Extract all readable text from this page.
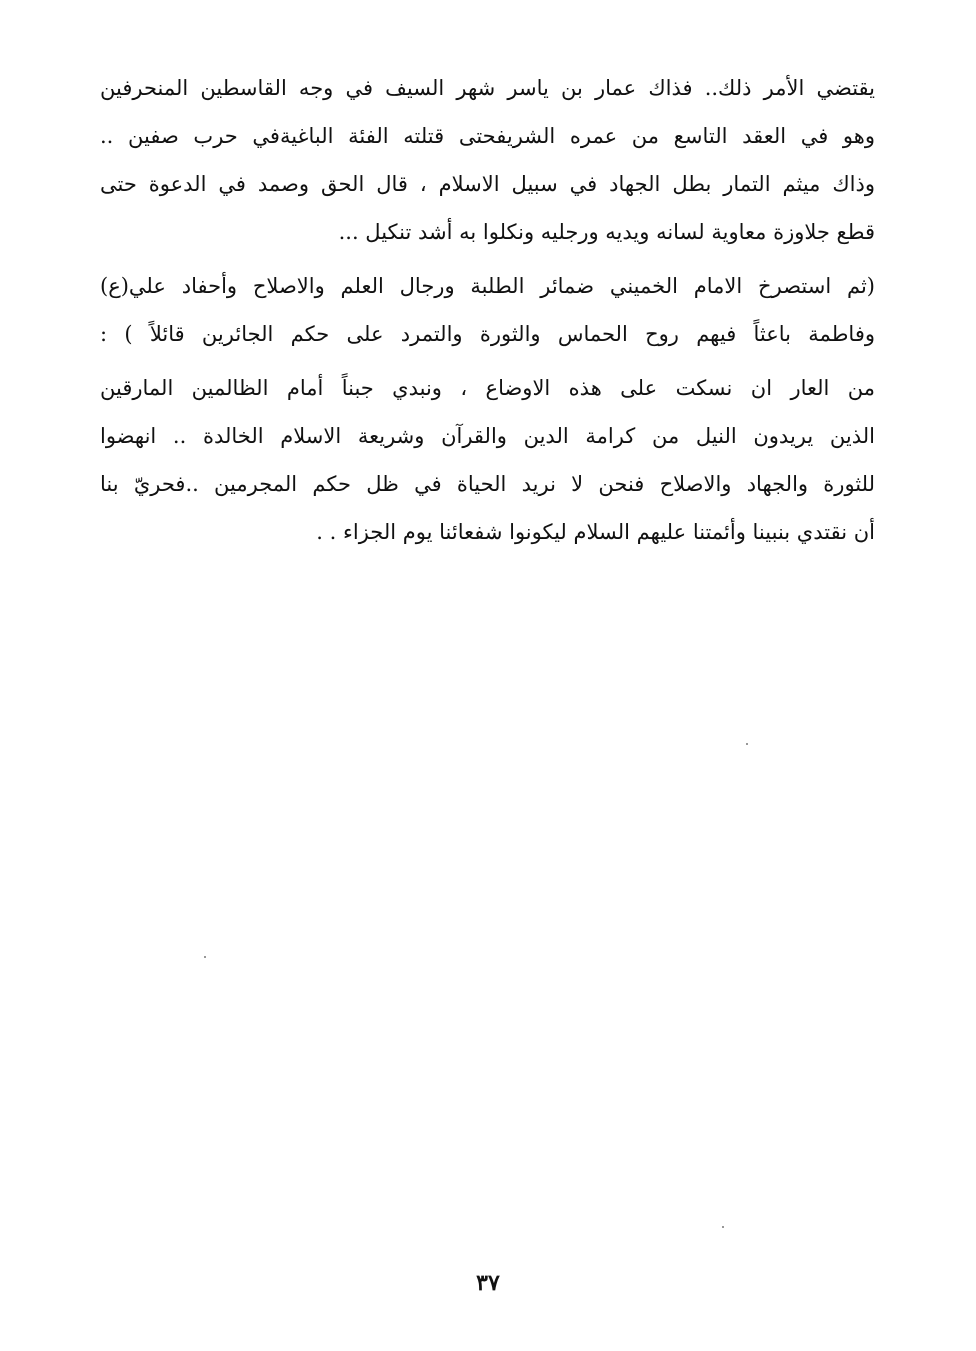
يقتضي الأمر ذلك.. فذاك عمار بن ياسر شهر السيف في وجه القاسطين المنحرفين
وهو في العقد التاسع من عمره الشريفحتى قتلته الفئة الباغيةفي حرب صفين ..
وذاك ميثم التمار بطل الجهاد في سبيل الاسلام ، قال الحق وصمد في الدعوة حتى
قطع جلاوزة معاوية لسانه ويديه ورجليه ونكلوا به أشد تنكيل ...
(ثم استصرخ الامام الخميني ضمائر الطلبة ورجال العلم والاصلاح وأحفاد علي(ع)
وفاطمة باعثاً فيهم روح الحماس والثورة والتمرد على حكم الجائرين قائلاً ) :
من العار ان نسكت على هذه الاوضاع ، ونبدي جبناً أمام الظالمين المارقين
الذين يريدون النيل من كرامة الدين والقرآن وشريعة الاسلام الخالدة .. انهضوا
للثورة والجهاد والاصلاح فنحن لا نريد الحياة في ظل حكم المجرمين ..فحريّ بنا
أن نقتدي بنبينا وأئمتنا عليهم السلام ليكونوا شفعائنا يوم الجزاء . .
٣٧
